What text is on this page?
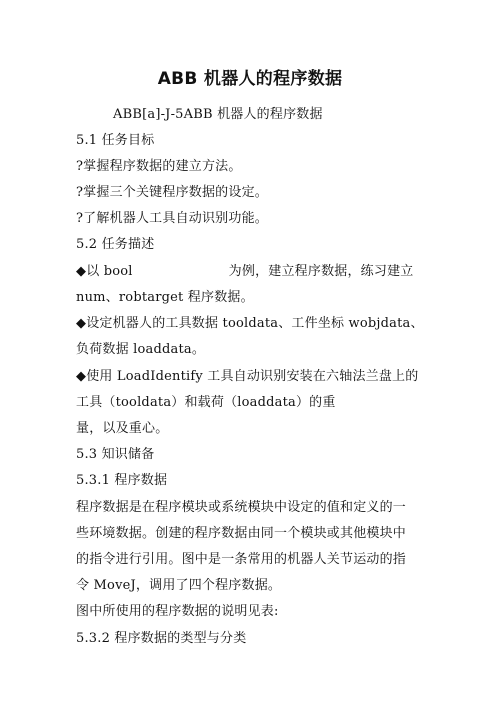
ABB 机器人的程序数据
ABB[a]-J-5ABB 机器人的程序数据
5.1 任务目标
?掌握程序数据的建立方法。
?掌握三个关键程序数据的设定。
?了解机器人工具自动识别功能。
5.2 任务描述
◆以 bool	为例，建立程序数据，练习建立
num、robtarget 程序数据。
◆设定机器人的工具数据 tooldata、工件坐标 wobjdata、
负荷数据 loaddata。
◆使用 LoadIdentify 工具自动识别安装在六轴法兰盘上的
工具（tooldata）和载荷（loaddata）的重
量，以及重心。
5.3 知识储备
5.3.1 程序数据
程序数据是在程序模块或系统模块中设定的值和定义的一
些环境数据。创建的程序数据由同一个模块或其他模块中
的指令进行引用。图中是一条常用的机器人关节运动的指
令 MoveJ，调用了四个程序数据。
图中所使用的程序数据的说明见表:
5.3.2 程序数据的类型与分类
